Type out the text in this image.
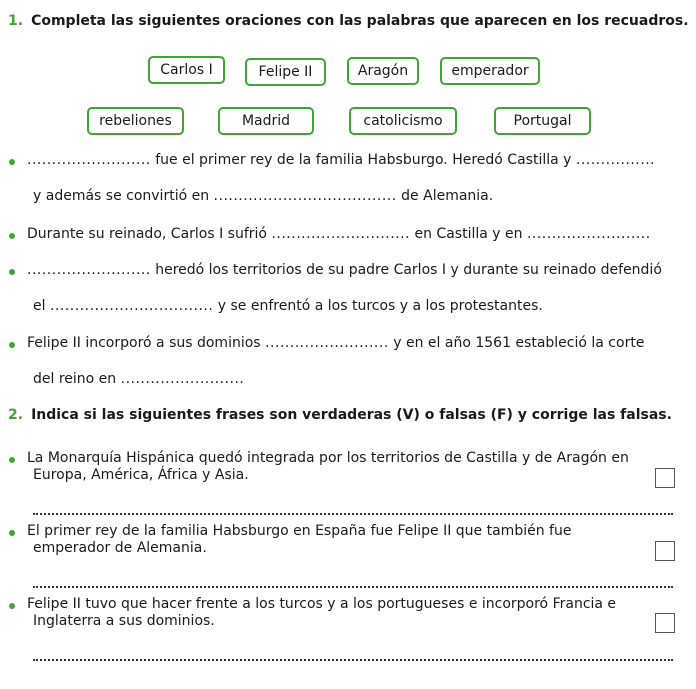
1. Completa las siguientes oraciones con las palabras que aparecen en los recuadros.
Carlos I	Felipe II	Aragón	emperador
rebeliones	Madrid	catolicismo	Portugal
......................... fue el primer rey de la familia Habsburgo. Heredó Castilla y ................
y además se convirtió en ..................................... de Alemania.
Durante su reinado, Carlos I sufrió ............................ en Castilla y en .........................
......................... heredó los territorios de su padre Carlos I y durante su reinado defendió
el ................................. y se enfrentó a los turcos y a los protestantes.
Felipe II incorporó a sus dominios ......................... y en el año 1561 estableció la corte
del reino en .........................
2. Indica si las siguientes frases son verdaderas (V) o falsas (F) y corrige las falsas.
La Monarquía Hispánica quedó integrada por los territorios de Castilla y de Aragón en
Europa, América, África y Asia.
El primer rey de la familia Habsburgo en España fue Felipe II que también fue
emperador de Alemania.
Felipe II tuvo que hacer frente a los turcos y a los portugueses e incorporó Francia e
Inglaterra a sus dominios.
